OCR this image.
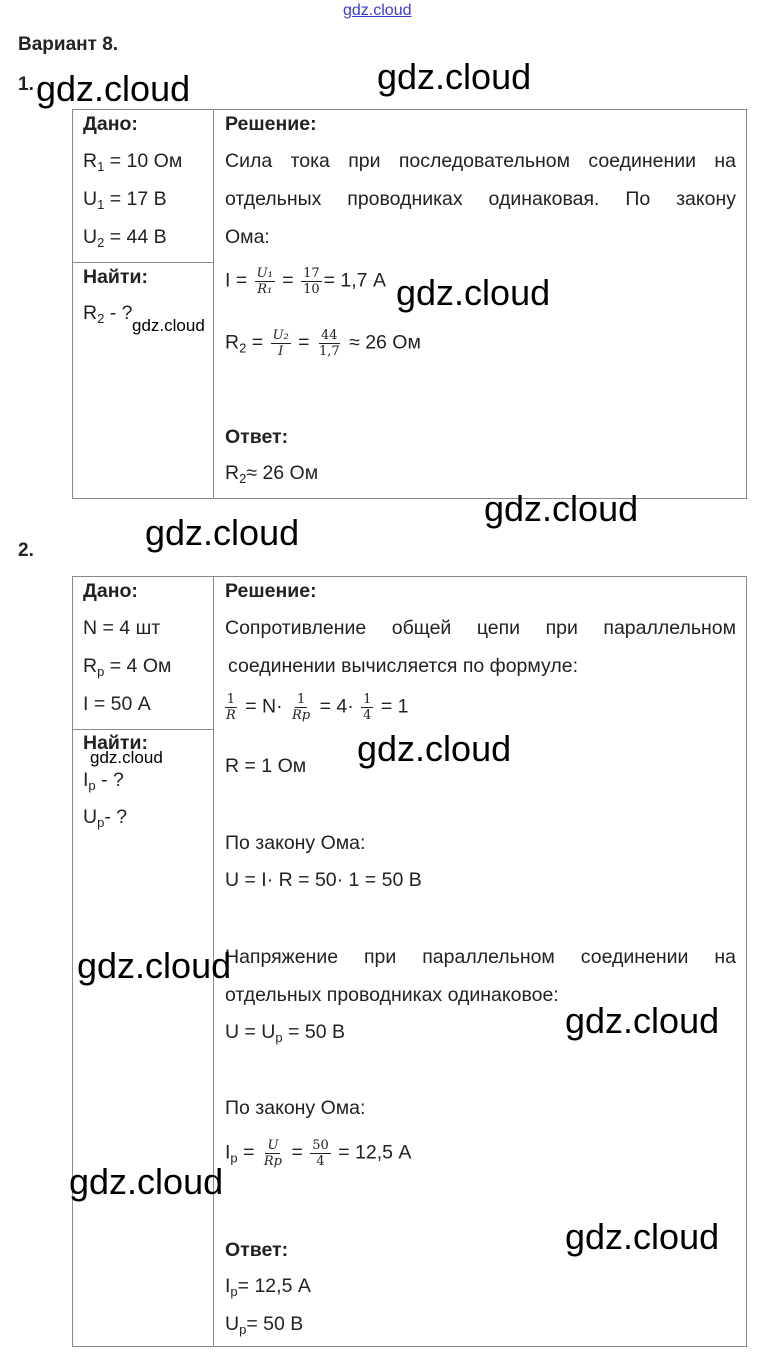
gdz.cloud
Вариант 8.
1.
Дано:
$R_1 = 10$ Ом
$U_1 = 17$ В
$U_2 = 44$ В
Найти:
$R_2$ - ?
Решение:
Сила тока при последовательном соединении на
отдельных проводниках одинаковая. По закону
Ома:
$I = \frac{\text{U₁}}{\text{R₁}} = \frac{17}{10} = 1,7$ А
$R_2 = \frac{\text{U₂}}{I} = \frac{44}{1,7} \approx 26$ Ом
Ответ:
$R_2\approx 26$ Ом
2.
Дано:
N = 4 шт
$R_р = 4$ Ом
I = 50 А
Найти:
$I_р$ - ?
$U_р-$ ?
Решение:
Сопротивление общей цепи при параллельном
соединении вычисляется по формуле:
$\frac{1}{R} = N\cdot \frac{1}{Rр} = 4\cdot \frac{1}{4} = 1$
R = 1 Ом
По закону Ома:
U = I· R = 50· 1 = 50 В
Напряжение при параллельном соединении на
отдельных проводниках одинаковое:
$U = U_р = 50$ В
По закону Ома:
$I_р = \frac{U}{Rр} = \frac{50}{4} = 12,5$ А
Ответ:
$I_р= 12,5$ А
$U_р= 50$ В
gdz.cloud	gdz.cloud
gdz.cloud
gdz.cloud
gdz.cloud
gdz.cloud
gdz.cloud	gdz.cloud
gdz.cloud
gdz.cloud
gdz.cloud
gdz.cloud
